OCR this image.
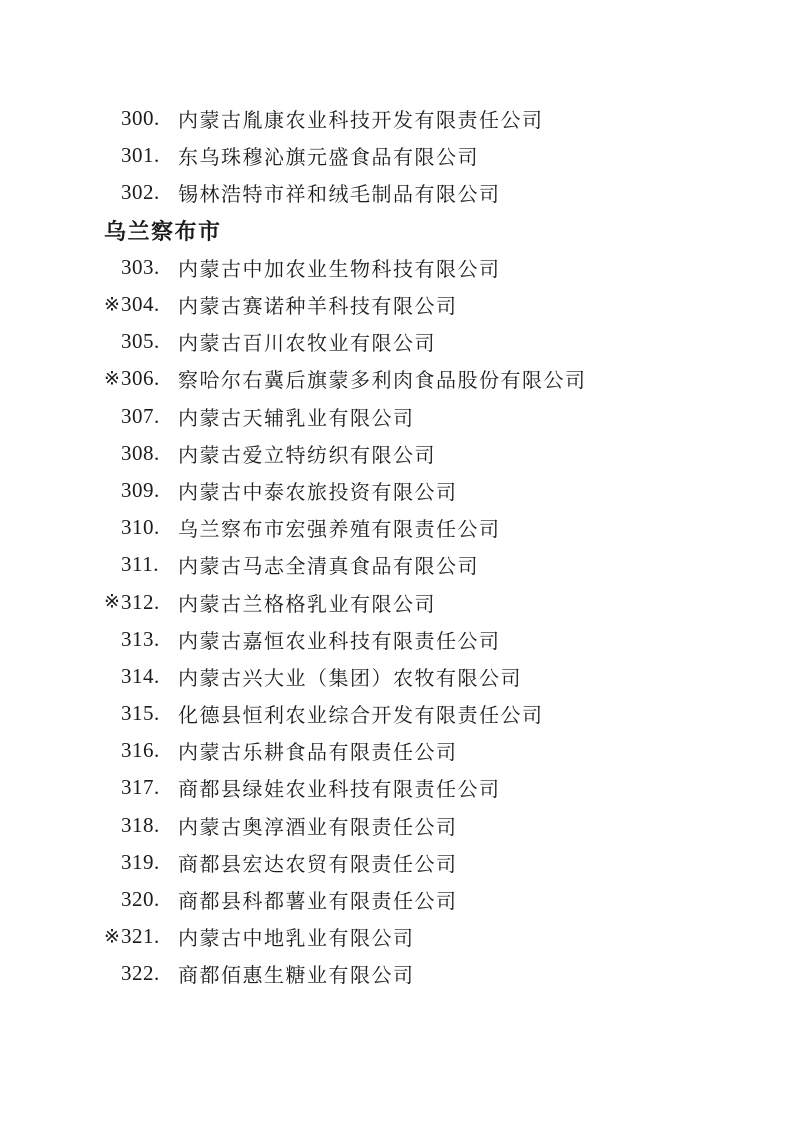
300. 内蒙古胤康农业科技开发有限责任公司
301. 东乌珠穆沁旗元盛食品有限公司
302. 锡林浩特市祥和绒毛制品有限公司
乌兰察布市
303. 内蒙古中加农业生物科技有限公司
※ 304. 内蒙古赛诺种羊科技有限公司
305. 内蒙古百川农牧业有限公司
※ 306. 察哈尔右冀后旗蒙多利肉食品股份有限公司
307. 内蒙古天辅乳业有限公司
308. 内蒙古爱立特纺织有限公司
309. 内蒙古中泰农旅投资有限公司
310. 乌兰察布市宏强养殖有限责任公司
311. 内蒙古马志全清真食品有限公司
※ 312. 内蒙古兰格格乳业有限公司
313. 内蒙古嘉恒农业科技有限责任公司
314. 内蒙古兴大业（集团）农牧有限公司
315. 化德县恒利农业综合开发有限责任公司
316. 内蒙古乐耕食品有限责任公司
317. 商都县绿娃农业科技有限责任公司
318. 内蒙古奥淳酒业有限责任公司
319. 商都县宏达农贸有限责任公司
320. 商都县科都薯业有限责任公司
※ 321. 内蒙古中地乳业有限公司
322. 商都佰惠生糖业有限公司
